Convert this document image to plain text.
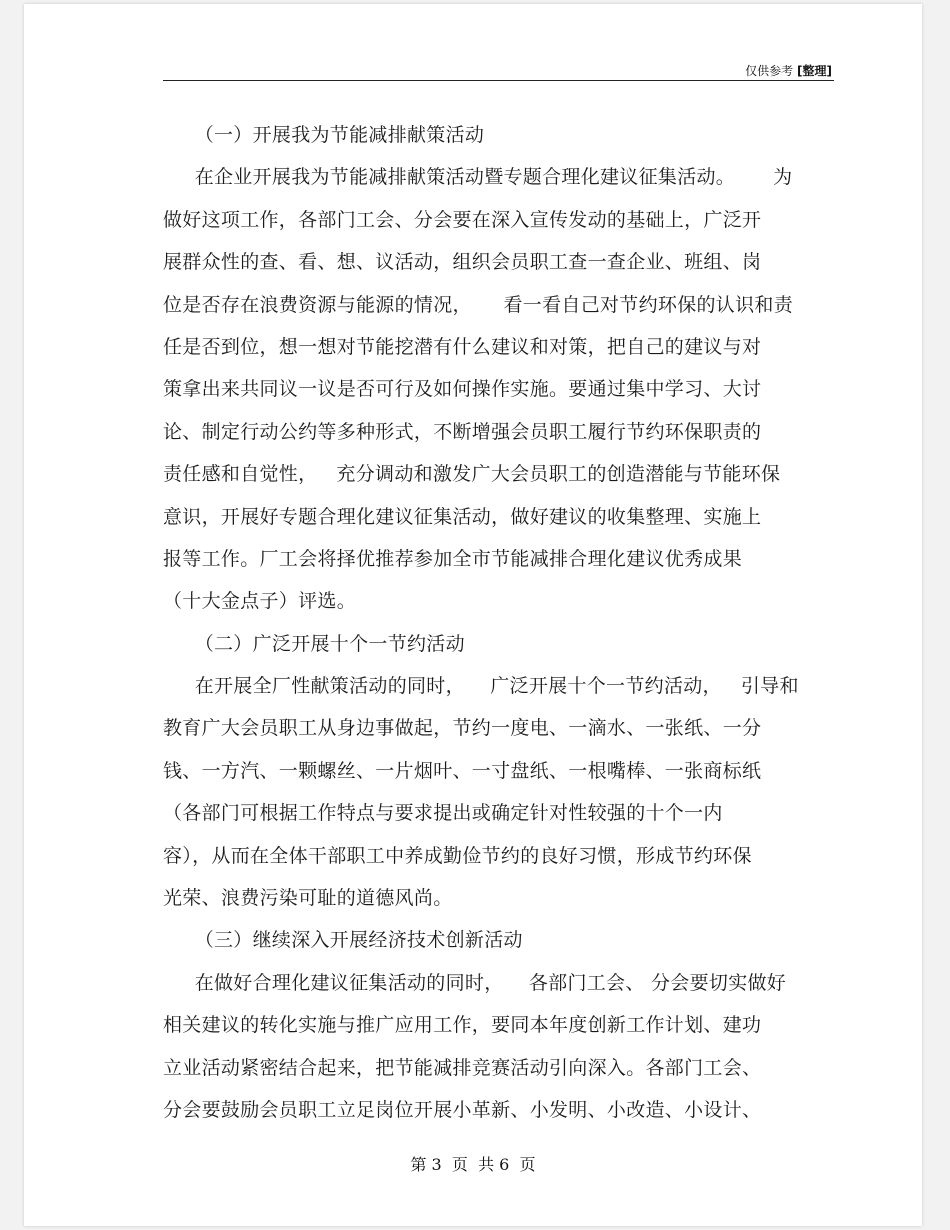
仅供参考 [整理]
（一）开展我为节能减排献策活动
在企业开展我为节能减排献策活动暨专题合理化建议征集活动。      为
做好这项工作，各部门工会、分会要在深入宣传发动的基础上，广泛开
展群众性的查、看、想、议活动，组织会员职工查一查企业、班组、岗
位是否存在浪费资源与能源的情况，     看一看自己对节约环保的认识和责
任是否到位，想一想对节能挖潜有什么建议和对策，把自己的建议与对
策拿出来共同议一议是否可行及如何操作实施。要通过集中学习、大讨
论、制定行动公约等多种形式，不断增强会员职工履行节约环保职责的
责任感和自觉性，   充分调动和激发广大会员职工的创造潜能与节能环保
意识，开展好专题合理化建议征集活动，做好建议的收集整理、实施上
报等工作。厂工会将择优推荐参加全市节能减排合理化建议优秀成果
（十大金点子）评选。
（二）广泛开展十个一节约活动
在开展全厂性献策活动的同时，    广泛开展十个一节约活动，   引导和
教育广大会员职工从身边事做起，节约一度电、一滴水、一张纸、一分
钱、一方汽、一颗螺丝、一片烟叶、一寸盘纸、一根嘴棒、一张商标纸
（各部门可根据工作特点与要求提出或确定针对性较强的十个一内
容），从而在全体干部职工中养成勤俭节约的良好习惯，形成节约环保
光荣、浪费污染可耻的道德风尚。
（三）继续深入开展经济技术创新活动
在做好合理化建议征集活动的同时，    各部门工会、 分会要切实做好
相关建议的转化实施与推广应用工作，要同本年度创新工作计划、建功
立业活动紧密结合起来，把节能减排竞赛活动引向深入。各部门工会、
分会要鼓励会员职工立足岗位开展小革新、小发明、小改造、小设计、
第 3  页  共 6  页
